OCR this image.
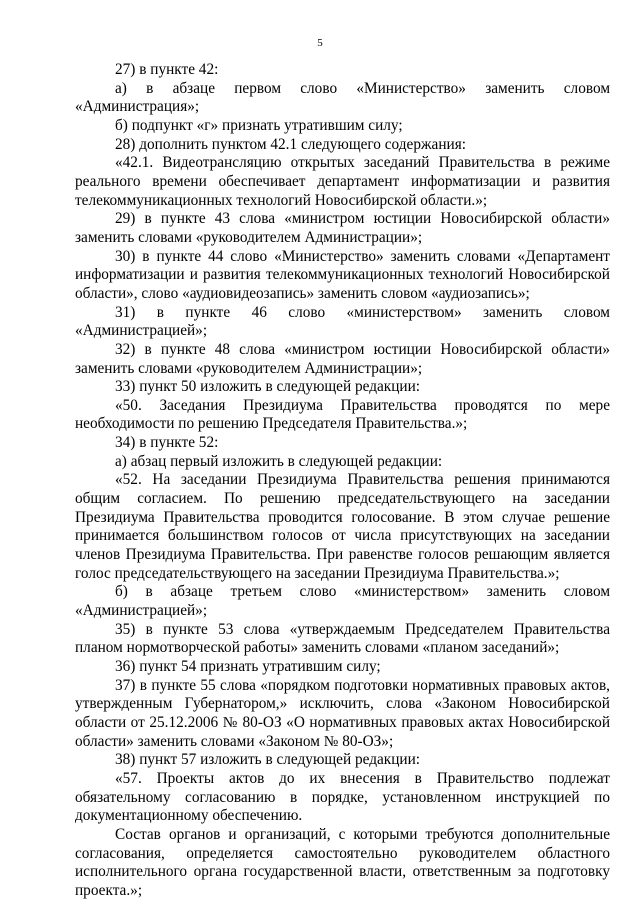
5

27) в пункте 42:

а) в абзаце первом слово «Министерство» заменить словом «Администрация»;

б) подпункт «г» признать утратившим силу;

28) дополнить пунктом 42.1 следующего содержания:

«42.1. Видеотрансляцию открытых заседаний Правительства в режиме реального времени обеспечивает департамент информатизации и развития телекоммуникационных технологий Новосибирской области.»;

29) в пункте 43 слова «министром юстиции Новосибирской области» заменить словами «руководителем Администрации»;

30) в пункте 44 слово «Министерство» заменить словами «Департамент информатизации и развития телекоммуникационных технологий Новосибирской области», слово «аудиовидеозапись» заменить словом «аудиозапись»;

31) в пункте 46 слово «министерством» заменить словом «Администрацией»;

32) в пункте 48 слова «министром юстиции Новосибирской области» заменить словами «руководителем Администрации»;

33) пункт 50 изложить в следующей редакции:

«50. Заседания Президиума Правительства проводятся по мере необходимости по решению Председателя Правительства.»;

34) в пункте 52:

а) абзац первый изложить в следующей редакции:

«52. На заседании Президиума Правительства решения принимаются общим согласием. По решению председательствующего на заседании Президиума Правительства проводится голосование. В этом случае решение принимается большинством голосов от числа присутствующих на заседании членов Президиума Правительства. При равенстве голосов решающим является голос председательствующего на заседании Президиума Правительства.»;

б) в абзаце третьем слово «министерством» заменить словом «Администрацией»;

35) в пункте 53 слова «утверждаемым Председателем Правительства планом нормотворческой работы» заменить словами «планом заседаний»;

36) пункт 54 признать утратившим силу;

37) в пункте 55 слова «порядком подготовки нормативных правовых актов, утвержденным Губернатором,» исключить, слова «Законом Новосибирской области от 25.12.2006 № 80-ОЗ «О нормативных правовых актах Новосибирской области» заменить словами «Законом № 80-ОЗ»;

38) пункт 57 изложить в следующей редакции:

«57. Проекты актов до их внесения в Правительство подлежат обязательному согласованию в порядке, установленном инструкцией по документационному обеспечению.

Состав органов и организаций, с которыми требуются дополнительные согласования, определяется самостоятельно руководителем областного исполнительного органа государственной власти, ответственным за подготовку проекта.»;
